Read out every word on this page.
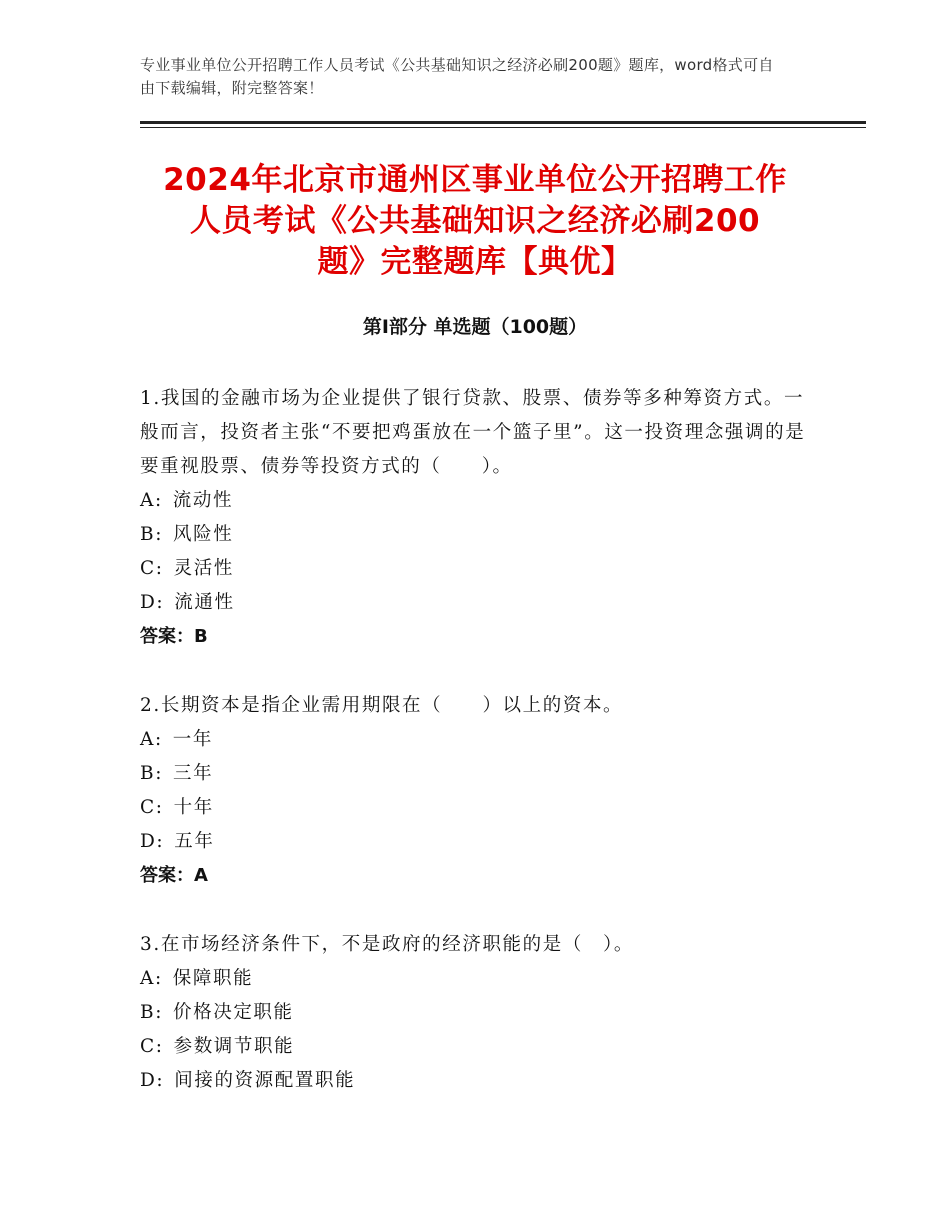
专业事业单位公开招聘工作人员考试《公共基础知识之经济必刷200题》题库，word格式可自由下载编辑，附完整答案！
2024年北京市通州区事业单位公开招聘工作
人员考试《公共基础知识之经济必刷200
题》完整题库【典优】
第Ⅰ部分 单选题（100题）

1.我国的金融市场为企业提供了银行贷款、股票、债券等多种筹资方式。一般而言，投资者主张“不要把鸡蛋放在一个篮子里”。这一投资理念强调的是要重视股票、债券等投资方式的（　　）。

A: 流动性
B: 风险性
C: 灵活性
D: 流通性
答案：B

2.长期资本是指企业需用期限在（　　）以上的资本。

A: 一年
B: 三年
C: 十年
D: 五年
答案：A

3.在市场经济条件下，不是政府的经济职能的是（　）。

A: 保障职能
B: 价格决定职能
C: 参数调节职能
D: 间接的资源配置职能
